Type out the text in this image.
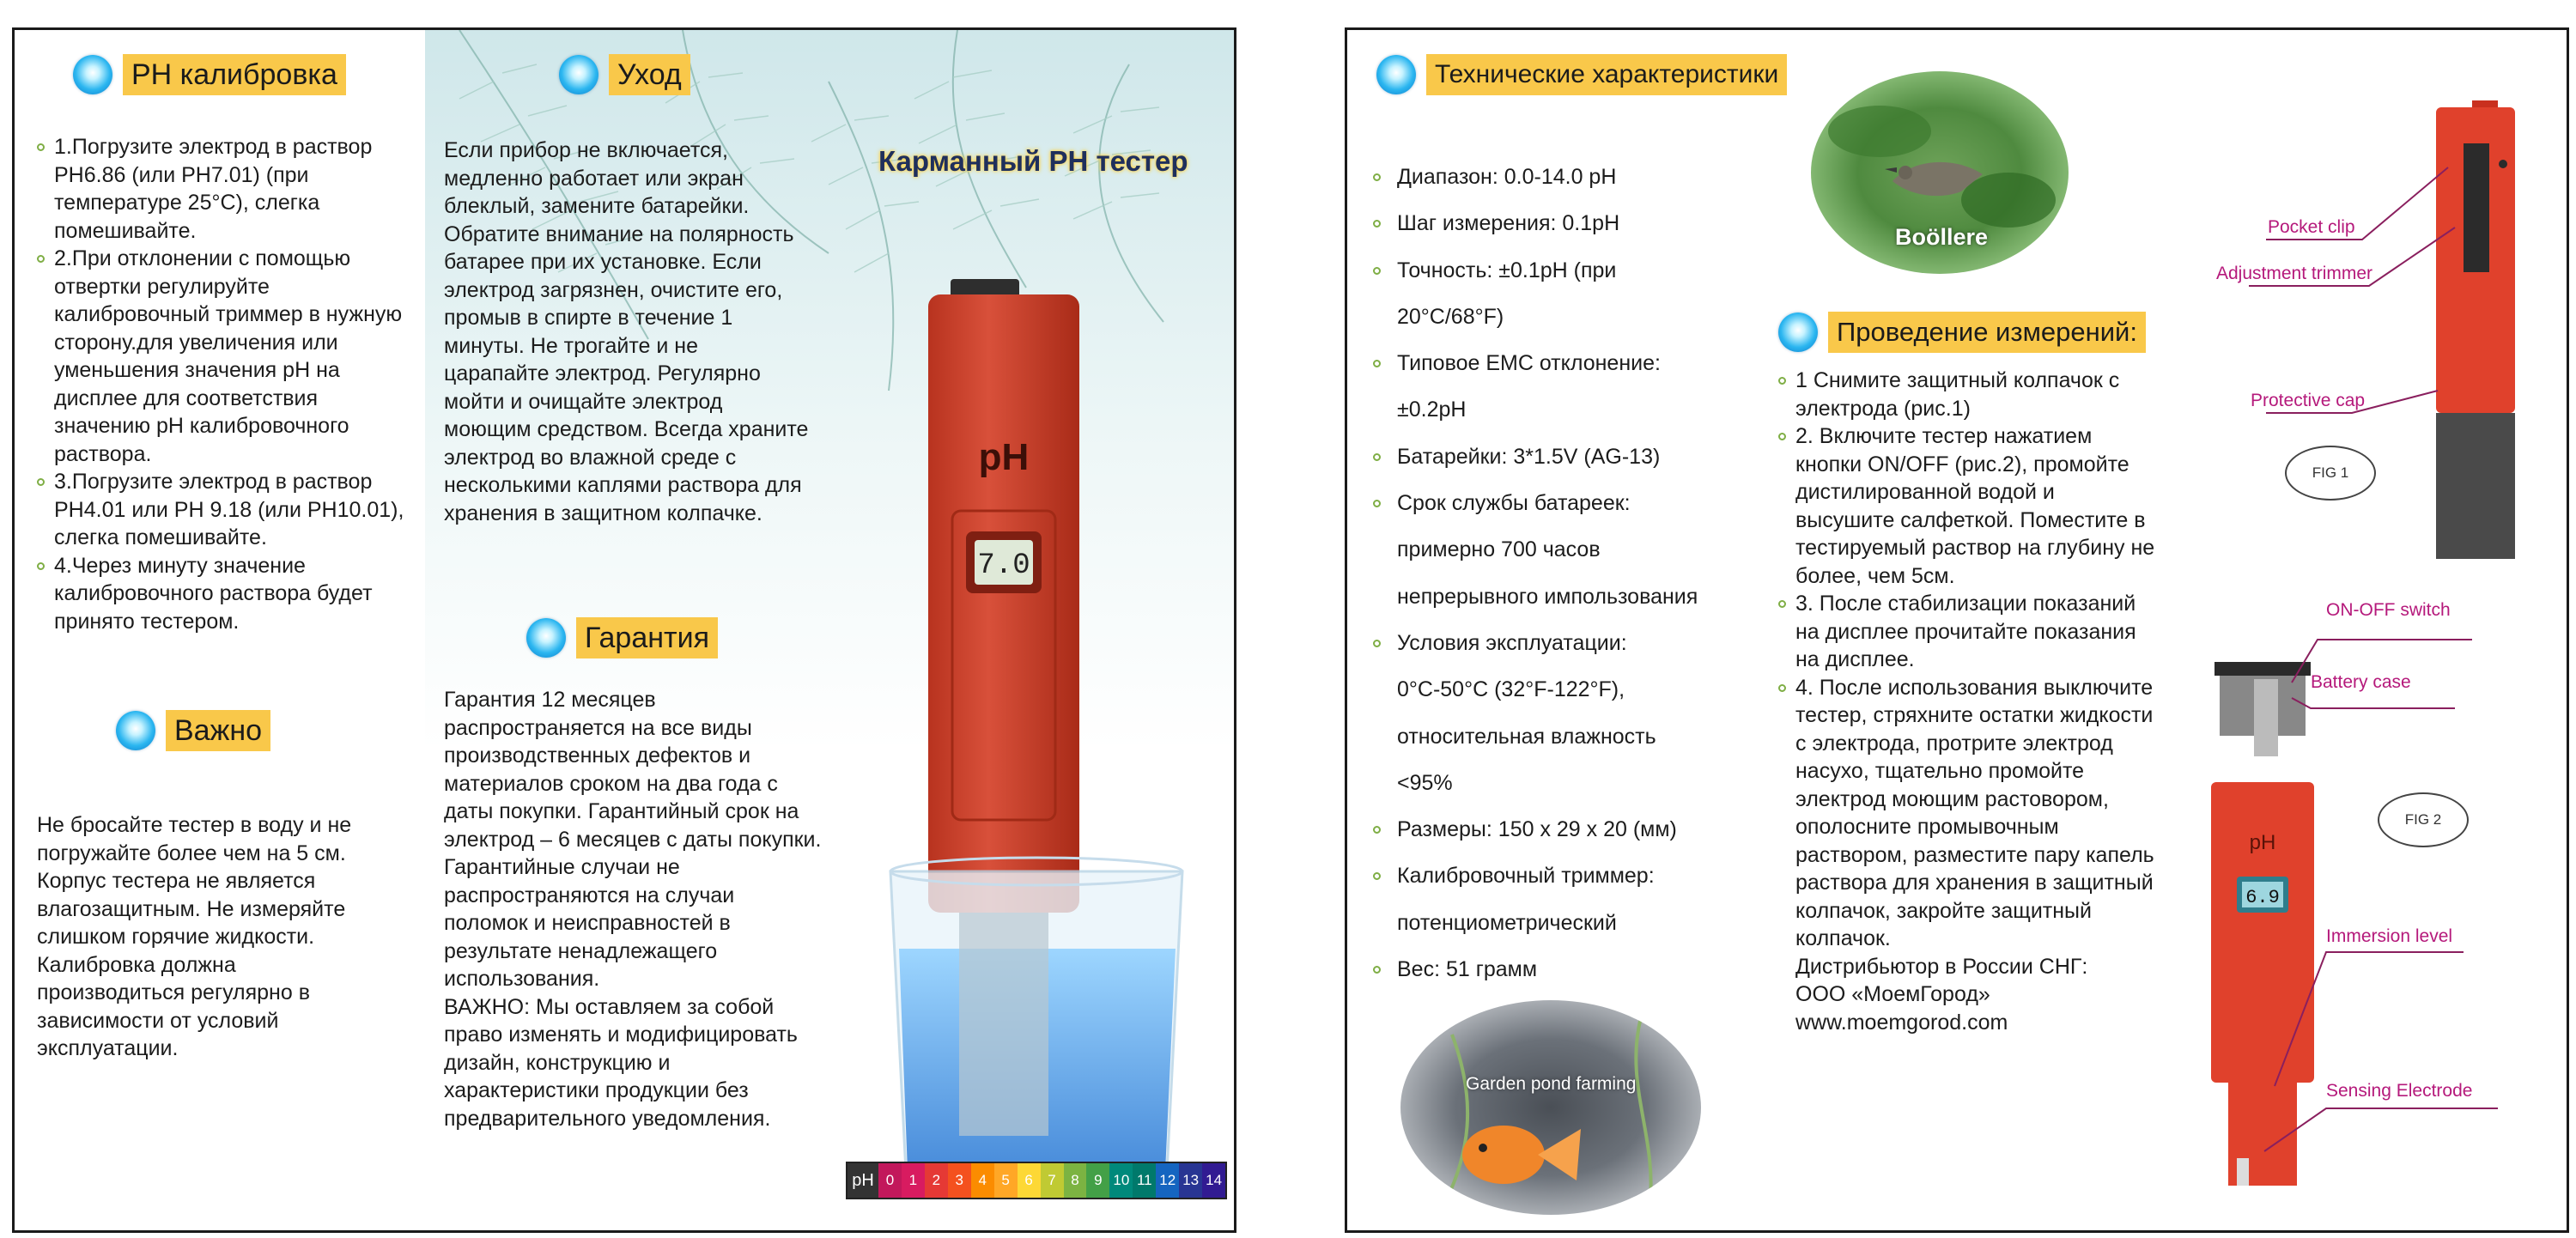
PH калибровка
1.Погрузите электрод в раствор PH6.86 (или PH7.01) (при температуре 25°C), слегка помешивайте.
2.При отклонении с помощью отвертки регулируйте калибровочный триммер в нужную сторону.для увеличения или уменьшения значения pH на дисплее для соответствия значению pH калибровочного раствора.
3.Погрузите электрод в раствор PH4.01 или PH 9.18 (или PH10.01), слегка помешивайте.
4.Через минуту значение калибровочного раствора будет принято тестером.
Важно

Не бросайте тестер в воду и не погружайте более чем на 5 см. Корпус тестера не является влагозащитным. Не измеряйте слишком горячие жидкости. Калибровка должна производиться регулярно в зависимости от условий эксплуатации.

Уход

Если прибор не включается, медленно работает или экран блеклый, замените батарейки. Обратите внимание на полярность батарее при их установке. Если электрод загрязнен, очистите его, промыв в спирте в течение 1 минуты. Не трогайте и не царапайте электрод. Регулярно мойти и очищайте электрод моющим средством. Всегда храните электрод во влажной среде с несколькими каплями раствора для хранения в защитном колпачке.

Гарантия

Гарантия 12 месяцев распространяется на все виды производственных дефектов и материалов сроком на два года с даты покупки. Гарантийный срок на электрод – 6 месяцев с даты покупки. Гарантийные случаи не распространяются на случаи поломок и неисправностей в результате ненадлежащего использования.

ВАЖНО: Мы оставляем за собой право изменять и модифицировать дизайн, конструкцию и характеристики продукции без предварительного уведомления.

Карманный PH тестер
7.0
pH
pH 0	1	2	3	4	5	6	7	8	9 10 11 12 13 14
Технические характеристики
Диапазон: 0.0-14.0 pH
Шаг измерения: 0.1pH
Точность: ±0.1pH (при
20°C/68°F)
Типовое ЕМС отклонение:
±0.2pH
Батарейки: 3*1.5V (AG-13)
Срок службы батареек:
примерно 700 часов
непрерывного импользования
Условия эксплуатации:
0°C-50°C (32°F-122°F),
относительная влажность
<95%
Размеры: 150 x 29 x 20 (мм)
Калибровочный триммер:
потенциометрический
Вес: 51 грамм
Boöllere
Проведение измерений:
1 Снимите защитный колпачок с электрода (рис.1)
2. Включите тестер нажатием кнопки ON/OFF (рис.2), промойте дистилированной водой и высушите салфеткой. Поместите в тестируемый раствор на глубину не более, чем 5см.
3. После стабилизации показаний на дисплее прочитайте показания на дисплее.
4. После использования выключите тестер, стряхните остатки жидкости с электрода, протрите электрод насухо, тщательно промойте электрод моющим растовором, ополосните промывочным раствором, разместите пару капель раствора для хранения в защитный колпачок, закройте защитный колпачок.

Дистрибьютор в России СНГ:

ООО «МоемГород»

www.moemgorod.com

Garden pond farming
Pocket clip
Adjustment trimmer
Protective cap
FIG 1
6.9
pH
ON-OFF switch
Battery case
Immersion level
Sensing Electrode
FIG 2
